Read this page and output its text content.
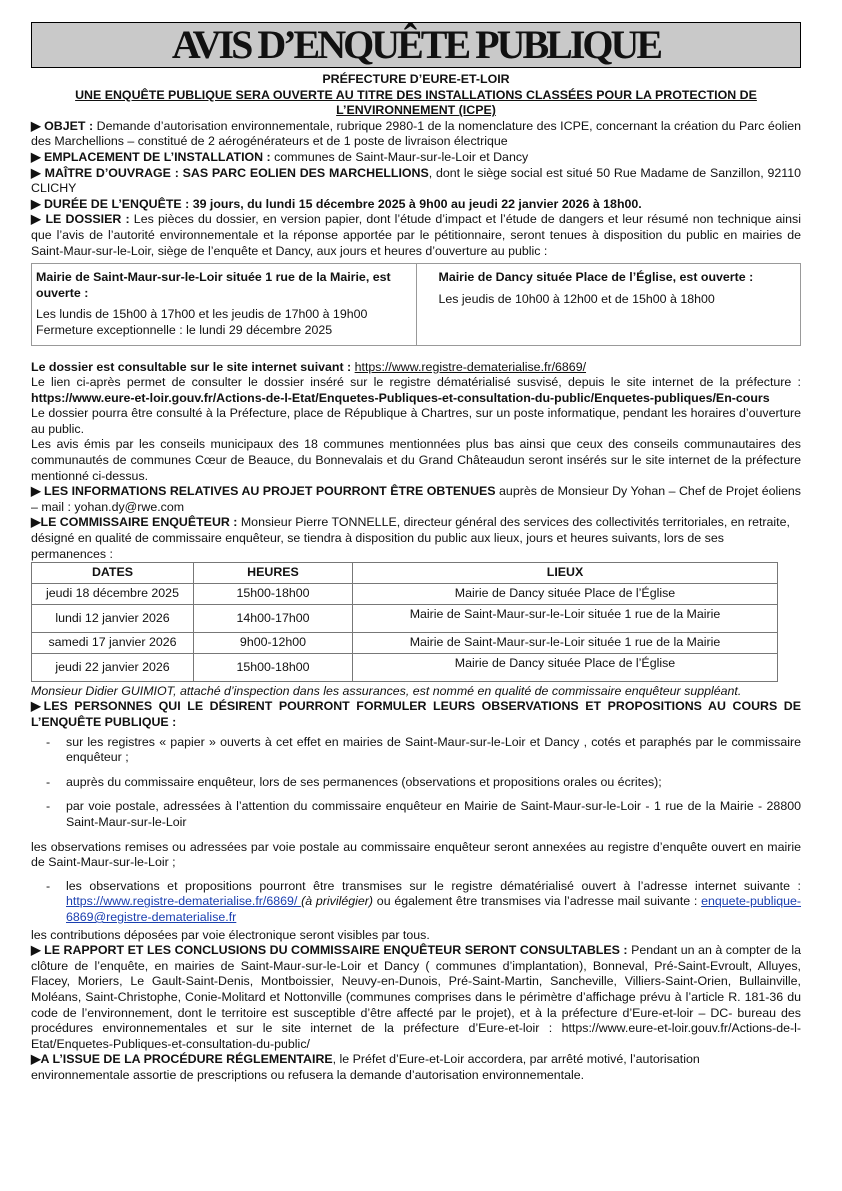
AVIS D’ENQUÊTE PUBLIQUE
PRÉFECTURE D’EURE-ET-LOIR
UNE ENQUÊTE PUBLIQUE SERA OUVERTE AU TITRE DES INSTALLATIONS CLASSÉES POUR LA PROTECTION DE L’ENVIRONNEMENT (ICPE)

▶ OBJET : Demande d’autorisation environnementale, rubrique 2980-1 de la nomenclature des ICPE, concernant la création du Parc éolien des Marchellions – constitué de 2 aérogénérateurs et de 1 poste de livraison électrique

▶ EMPLACEMENT DE L’INSTALLATION : communes de Saint-Maur-sur-le-Loir et Dancy

▶ MAÎTRE D’OUVRAGE : SAS PARC EOLIEN DES MARCHELLIONS, dont le siège social est situé 50 Rue Madame de Sanzillon, 92110 CLICHY

▶ DURÉE DE L’ENQUÊTE : 39 jours, du lundi 15 décembre 2025 à 9h00 au jeudi 22 janvier 2026 à 18h00.

▶ LE DOSSIER : Les pièces du dossier, en version papier, dont l’étude d’impact et l’étude de dangers et leur résumé non technique ainsi que l’avis de l’autorité environnementale et la réponse apportée par le pétitionnaire, seront tenues à disposition du public en mairies de Saint-Maur-sur-le-Loir, siège de l’enquête et Dancy, aux jours et heures d’ouverture au public :

Mairie de Saint-Maur-sur-le-Loir située 1 rue de la Mairie, est ouverte :
Les lundis de 15h00 à 17h00 et les jeudis de 17h00 à 19h00
Fermeture exceptionnelle : le lundi 29 décembre 2025

Mairie de Dancy située Place de l’Église, est ouverte :
Les jeudis de 10h00 à 12h00 et de 15h00 à 18h00

Le dossier est consultable sur le site internet suivant : https://www.registre-dematerialise.fr/6869/

Le lien ci-après permet de consulter le dossier inséré sur le registre dématérialisé susvisé, depuis le site internet de la préfecture : https://www.eure-et-loir.gouv.fr/Actions-de-l-Etat/Enquetes-Publiques-et-consultation-du-public/Enquetes-publiques/En-cours

Le dossier pourra être consulté à la Préfecture, place de République à Chartres, sur un poste informatique, pendant les horaires d’ouverture au public.

Les avis émis par les conseils municipaux des 18 communes mentionnées plus bas ainsi que ceux des conseils communautaires des communautés de communes Cœur de Beauce, du Bonnevalais et du Grand Châteaudun seront insérés sur le site internet de la préfecture mentionné ci-dessus.

▶ LES INFORMATIONS RELATIVES AU PROJET POURRONT ÊTRE OBTENUES auprès de Monsieur Dy Yohan – Chef de Projet éoliens – mail : yohan.dy@rwe.com

▶LE COMMISSAIRE ENQUÊTEUR : Monsieur Pierre TONNELLE, directeur général des services des collectivités territoriales, en retraite, désigné en qualité de commissaire enquêteur, se tiendra à disposition du public aux lieux, jours et heures suivants, lors de ses permanences :

DATES	HEURES	LIEUX
jeudi 18 décembre 2025	15h00-18h00	Mairie de Dancy située Place de l’Église
lundi 12 janvier 2026	14h00-17h00	Mairie de Saint-Maur-sur-le-Loir située 1 rue de la Mairie
samedi 17 janvier 2026	9h00-12h00	Mairie de Saint-Maur-sur-le-Loir située 1 rue de la Mairie
jeudi 22 janvier 2026	15h00-18h00	Mairie de Dancy située Place de l’Église

Monsieur Didier GUIMIOT, attaché d’inspection dans les assurances, est nommé en qualité de commissaire enquêteur suppléant.

▶LES PERSONNES QUI LE DÉSIRENT POURRONT FORMULER LEURS OBSERVATIONS ET PROPOSITIONS AU COURS DE L’ENQUÊTE PUBLIQUE :

- sur les registres « papier » ouverts à cet effet en mairies de Saint-Maur-sur-le-Loir et Dancy , cotés et paraphés par le commissaire enquêteur ;
- auprès du commissaire enquêteur, lors de ses permanences (observations et propositions orales ou écrites);
- par voie postale, adressées à l’attention du commissaire enquêteur en Mairie de Saint-Maur-sur-le-Loir - 1 rue de la Mairie - 28800 Saint-Maur-sur-le-Loir

les observations remises ou adressées par voie postale au commissaire enquêteur seront annexées au registre d’enquête ouvert en mairie de Saint-Maur-sur-le-Loir ;

- les observations et propositions pourront être transmises sur le registre dématérialisé ouvert à l’adresse internet suivante : https://www.registre-dematerialise.fr/6869/ (à privilégier) ou également être transmises via l’adresse mail suivante : enquete-publique-6869@registre-dematerialise.fr

les contributions déposées par voie électronique seront visibles par tous.

▶ LE RAPPORT ET LES CONCLUSIONS DU COMMISSAIRE ENQUÊTEUR SERONT CONSULTABLES : Pendant un an à compter de la clôture de l’enquête, en mairies de Saint-Maur-sur-le-Loir et Dancy ( communes d’implantation), Bonneval, Pré-Saint-Evroult, Alluyes, Flacey, Moriers, Le Gault-Saint-Denis, Montboissier, Neuvy-en-Dunois, Pré-Saint-Martin, Sancheville, Villiers-Saint-Orien, Bullainville, Moléans, Saint-Christophe, Conie-Molitard et Nottonville (communes comprises dans le périmètre d’affichage prévu à l’article R. 181-36 du code de l’environnement, dont le territoire est susceptible d’être affecté par le projet), et à la préfecture d’Eure-et-loir – DC- bureau des procédures environnementales et sur le site internet de la préfecture d’Eure-et-loir : https://www.eure-et-loir.gouv.fr/Actions-de-l-Etat/Enquetes-Publiques-et-consultation-du-public/

▶A L’ISSUE DE LA PROCÉDURE RÉGLEMENTAIRE, le Préfet d’Eure-et-Loir accordera, par arrêté motivé, l’autorisation environnementale assortie de prescriptions ou refusera la demande d’autorisation environnementale.
